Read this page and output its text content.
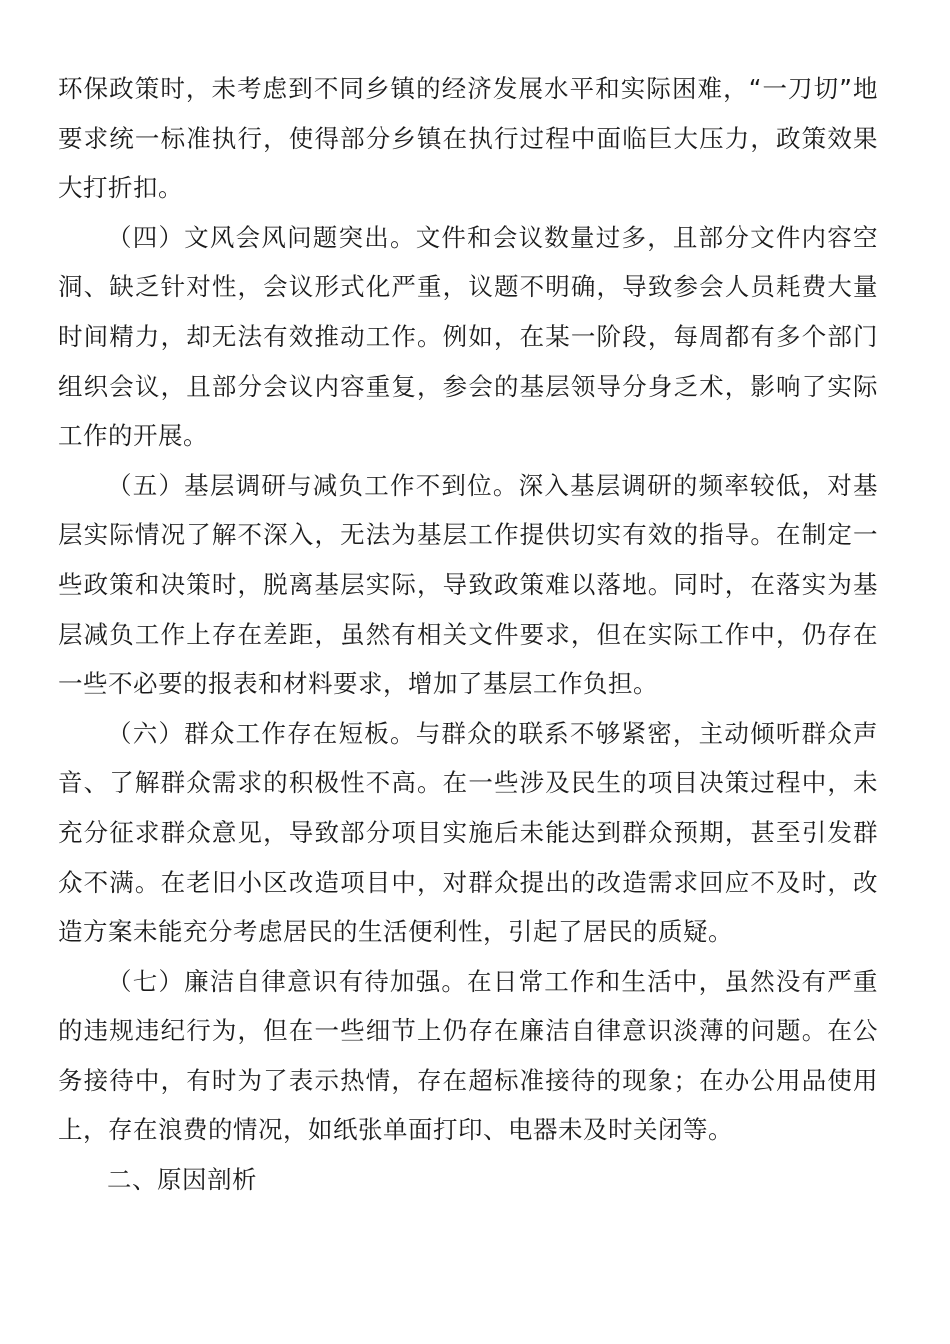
环保政策时，未考虑到不同乡镇的经济发展水平和实际困难，“一刀切”地要求统一标准执行，使得部分乡镇在执行过程中面临巨大压力，政策效果大打折扣。

（四）文风会风问题突出。文件和会议数量过多，且部分文件内容空洞、缺乏针对性，会议形式化严重，议题不明确，导致参会人员耗费大量时间精力，却无法有效推动工作。例如，在某一阶段，每周都有多个部门组织会议，且部分会议内容重复，参会的基层领导分身乏术，影响了实际工作的开展。

（五）基层调研与减负工作不到位。深入基层调研的频率较低，对基层实际情况了解不深入，无法为基层工作提供切实有效的指导。在制定一些政策和决策时，脱离基层实际，导致政策难以落地。同时，在落实为基层减负工作上存在差距，虽然有相关文件要求，但在实际工作中，仍存在一些不必要的报表和材料要求，增加了基层工作负担。

（六）群众工作存在短板。与群众的联系不够紧密，主动倾听群众声音、了解群众需求的积极性不高。在一些涉及民生的项目决策过程中，未充分征求群众意见，导致部分项目实施后未能达到群众预期，甚至引发群众不满。在老旧小区改造项目中，对群众提出的改造需求回应不及时，改造方案未能充分考虑居民的生活便利性，引起了居民的质疑。

（七）廉洁自律意识有待加强。在日常工作和生活中，虽然没有严重的违规违纪行为，但在一些细节上仍存在廉洁自律意识淡薄的问题。在公务接待中，有时为了表示热情，存在超标准接待的现象；在办公用品使用上，存在浪费的情况，如纸张单面打印、电器未及时关闭等。

二、原因剖析
